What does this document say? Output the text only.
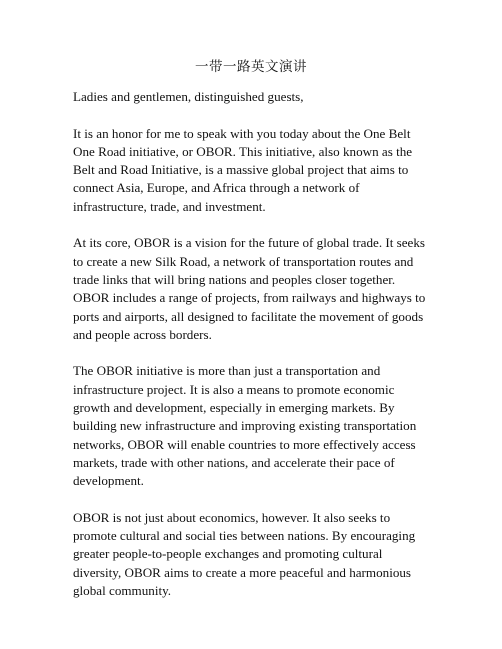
一带一路英文演讲

Ladies and gentlemen, distinguished guests,

It is an honor for me to speak with you today about the One Belt
One Road initiative, or OBOR. This initiative, also known as the
Belt and Road Initiative, is a massive global project that aims to
connect Asia, Europe, and Africa through a network of
infrastructure, trade, and investment.

At its core, OBOR is a vision for the future of global trade. It seeks
to create a new Silk Road, a network of transportation routes and
trade links that will bring nations and peoples closer together.
OBOR includes a range of projects, from railways and highways to
ports and airports, all designed to facilitate the movement of goods
and people across borders.

The OBOR initiative is more than just a transportation and
infrastructure project. It is also a means to promote economic
growth and development, especially in emerging markets. By
building new infrastructure and improving existing transportation
networks, OBOR will enable countries to more effectively access
markets, trade with other nations, and accelerate their pace of
development.

OBOR is not just about economics, however. It also seeks to
promote cultural and social ties between nations. By encouraging
greater people-to-people exchanges and promoting cultural
diversity, OBOR aims to create a more peaceful and harmonious
global community.
